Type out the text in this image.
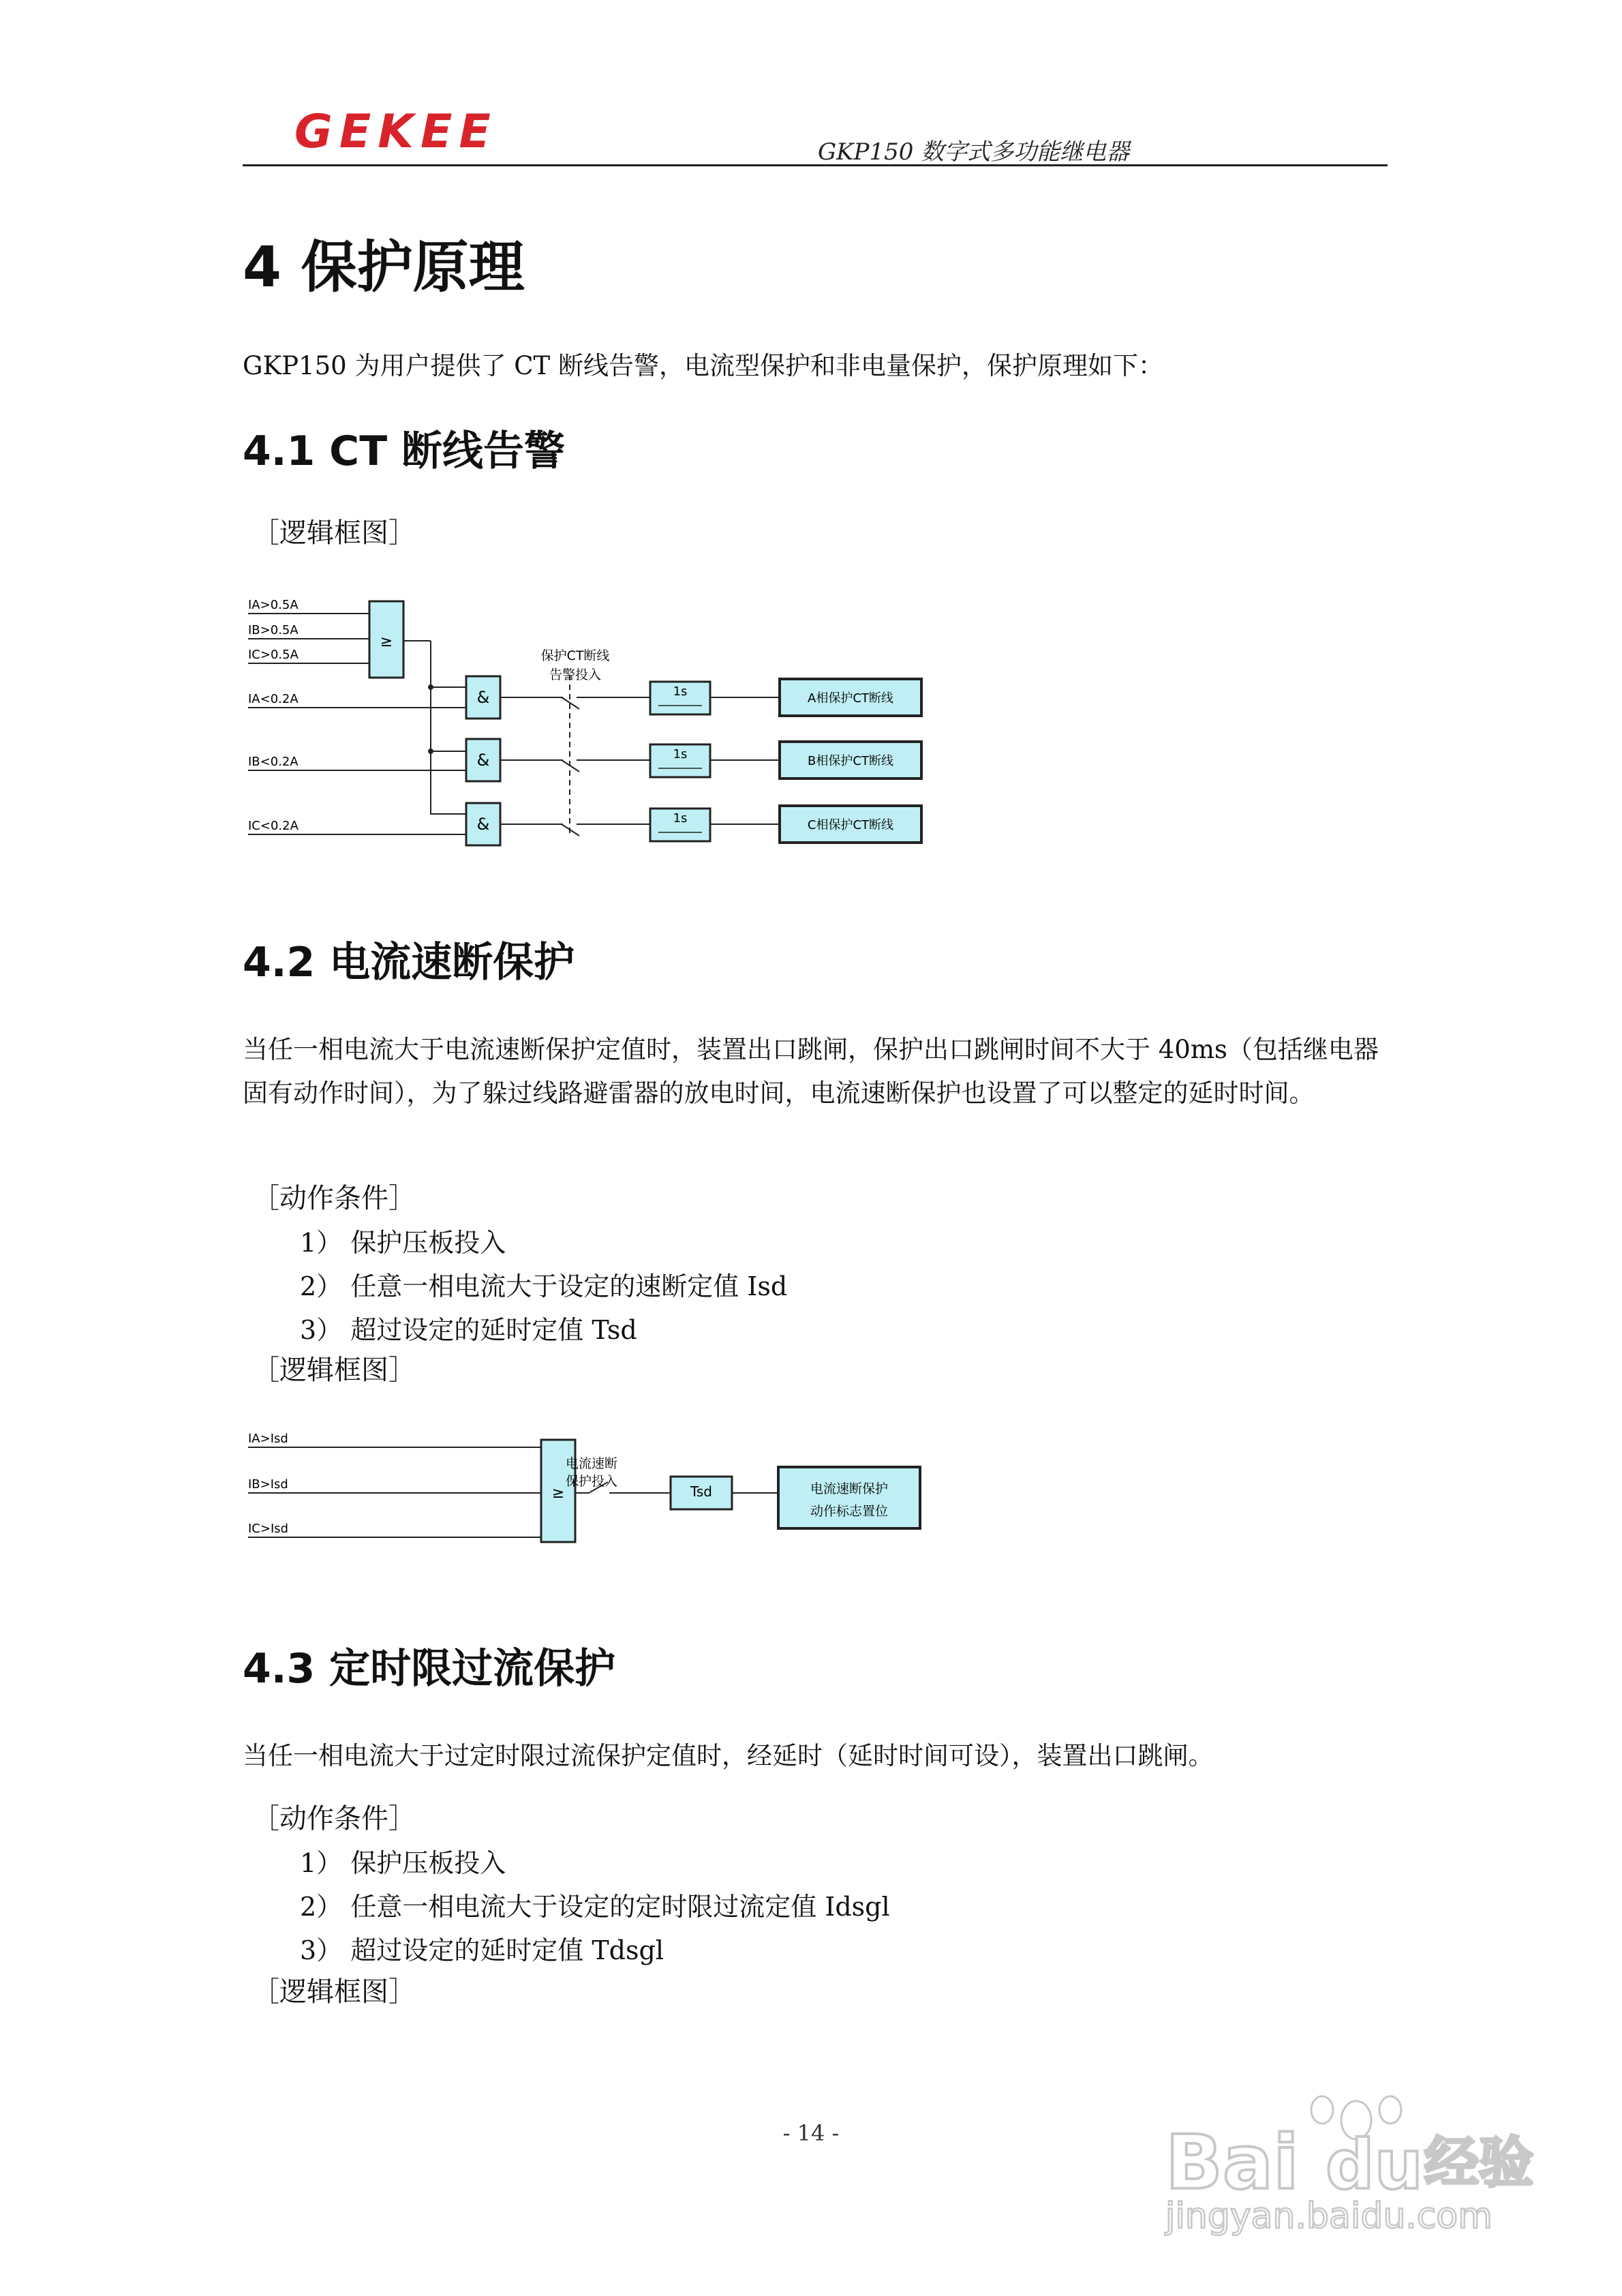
GEKEE	GKP150 数字式多功能继电器
4 保护原理

GKP150 为用户提供了 CT 断线告警，电流型保护和非电量保护，保护原理如下：

4.1 CT 断线告警
［逻辑框图］
≥
&
&
&
1s
1s
1s
A相保护CT断线
B相保护CT断线
C相保护CT断线
IA>0.5A
IB>0.5A
IC>0.5A
IA<0.2A
IB<0.2A
IC<0.2A
保护CT断线
告警投入
4.2 电流速断保护

当任一相电流大于电流速断保护定值时，装置出口跳闸，保护出口跳闸时间不大于 40ms（包括继电器固有动作时间），为了躲过线路避雷器的放电时间，电流速断保护也设置了可以整定的延时时间。

［动作条件］
1） 保护压板投入
2） 任意一相电流大于设定的速断定值 Isd
3） 超过设定的延时定值 Tsd
［逻辑框图］
≥	Tsd	电流速断保护
动作标志置位
IA>Isd
IB>Isd
IC>Isd
电流速断
保护投入
4.3 定时限过流保护

当任一相电流大于过定时限过流保护定值时，经延时（延时时间可设），装置出口跳闸。

［动作条件］
1） 保护压板投入
2） 任意一相电流大于设定的定时限过流定值 Idsgl
3） 超过设定的延时定值 Tdsgl
［逻辑框图］
- 14 -	Bai du 经验
jingyan.baidu.com
